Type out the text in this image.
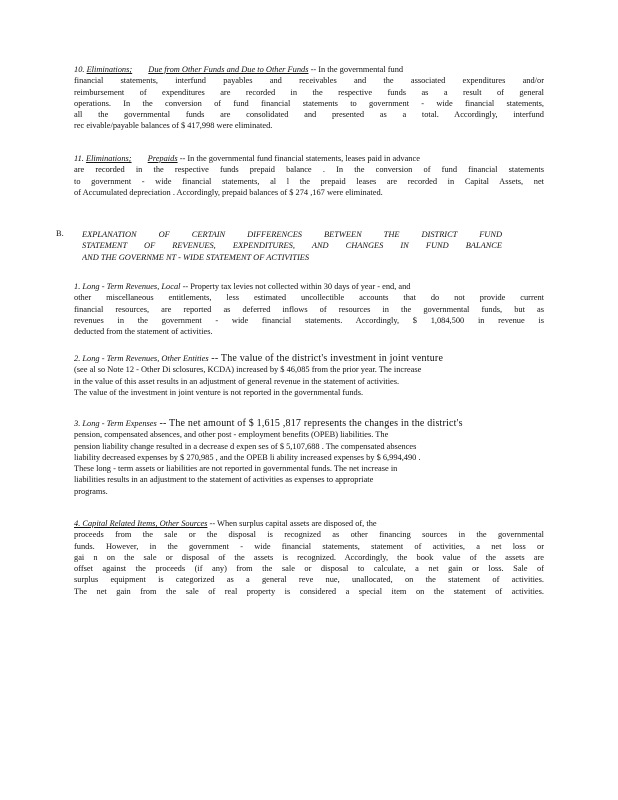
10. Eliminations; Due from Other Funds and Due to Other Funds -- In the governmental fund
financial statements, interfund payables and receivables and the associated expenditures and/or
reimbursement of expenditures are recorded in the respective funds as a result of general
operations. In the conversion of fund financial statements to government - wide financial statements,
all the governmental funds are consolidated and presented as a total. Accordingly, interfund
rec eivable/payable balances of $ 417,998 were eliminated.
11. Eliminations; Prepaids -- In the governmental fund financial statements, leases paid in advance
are recorded in the respective funds prepaid balance . In the conversion of fund financial statements
to government - wide financial statements, al l the prepaid leases are recorded in Capital Assets, net
of Accumulated depreciation . Accordingly, prepaid balances of $ 274 ,167 were eliminated.
B. EXPLANATION OF CERTAIN DIFFERENCES BETWEEN THE DISTRICT FUND
STATEMENT OF REVENUES, EXPENDITURES, AND CHANGES IN FUND BALANCE
AND THE GOVERNME NT - WIDE STATEMENT OF ACTIVITIES
1. Long - Term Revenues, Local -- Property tax levies not collected within 30 days of year - end, and
other miscellaneous entitlements, less estimated uncollectible accounts that do not provide current
financial resources, are reported as deferred inflows of resources in the governmental funds, but as
revenues in the government - wide financial statements. Accordingly, $ 1,084,500 in revenue is
deducted from the statement of activities.
2. Long - Term Revenues, Other Entities -- The value of the district's investment in joint venture
(see al so Note 12 - Other Di sclosures, KCDA) increased by $ 46,085 from the prior year. The increase
in the value of this asset results in an adjustment of general revenue in the statement of activities.
The value of the investment in joint venture is not reported in the governmental funds.
3. Long - Term Expenses -- The net amount of $ 1,615 ,817 represents the changes in the district's
pension, compensated absences, and other post - employment benefits (OPEB) liabilities. The
pension liability change resulted in a decrease d expen ses of $ 5,107,688 . The compensated absences
liability decreased expenses by $ 270,985 , and the OPEB li ability increased expenses by $ 6,994,490 .
These long - term assets or liabilities are not reported in governmental funds. The net increase in
liabilities results in an adjustment to the statement of activities as expenses to appropriate
programs.
4. Capital Related Items, Other Sources -- When surplus capital assets are disposed of, the
proceeds from the sale or the disposal is recognized as other financing sources in the governmental
funds. However, in the government - wide financial statements, statement of activities, a net loss or
gai n on the sale or disposal of the assets is recognized. Accordingly, the book value of the assets are
offset against the proceeds (if any) from the sale or disposal to calculate, a net gain or loss. Sale of
surplus equipment is categorized as a general reve nue, unallocated, on the statement of activities.
The net gain from the sale of real property is considered a special item on the statement of activities.
